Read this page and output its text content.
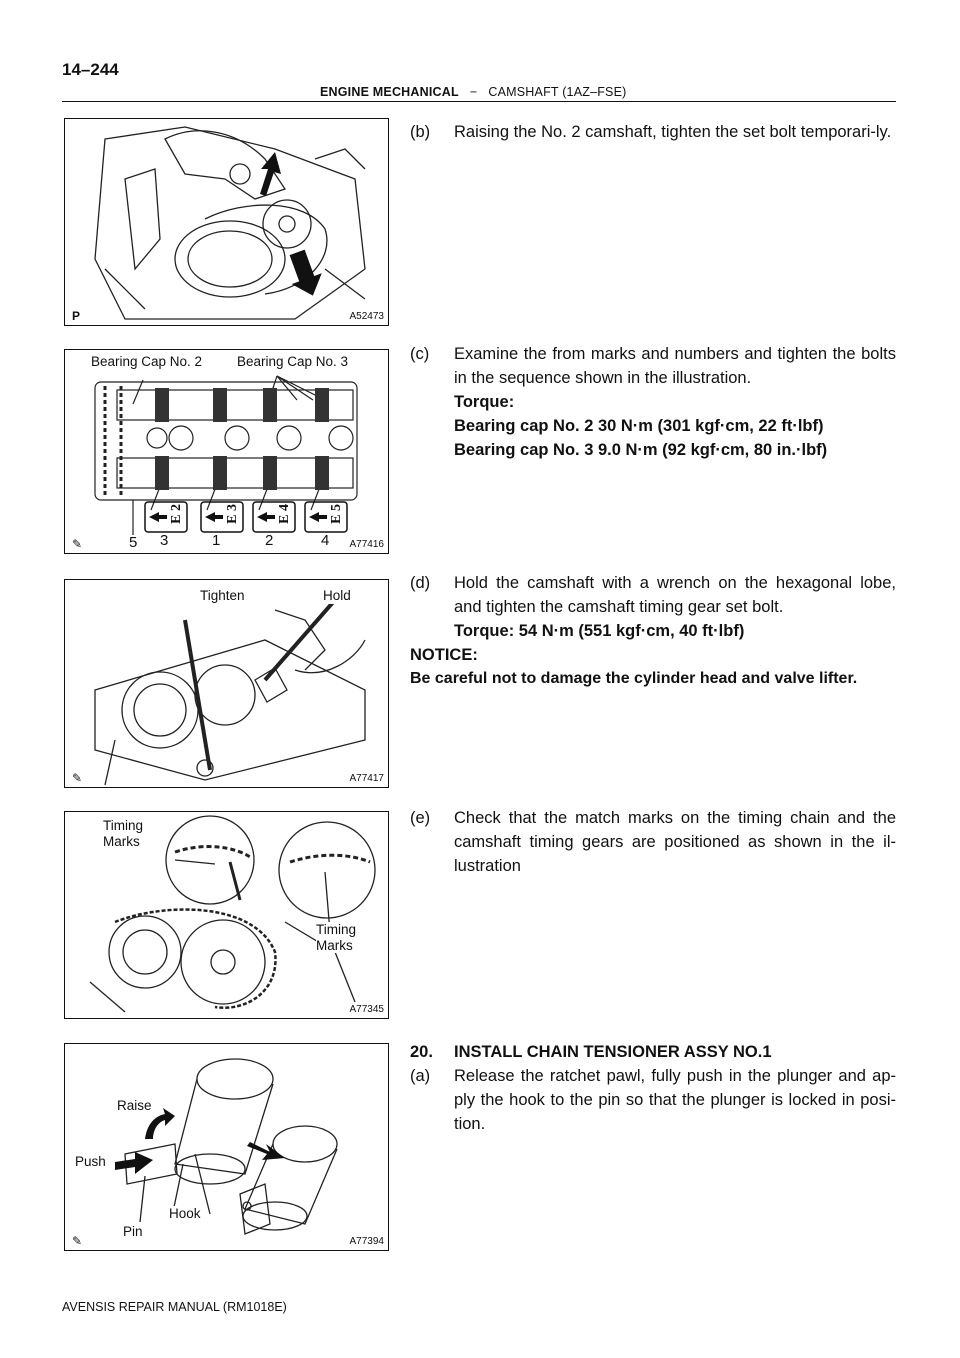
14–244
ENGINE MECHANICAL − CAMSHAFT (1AZ–FSE)
P	A52473
Bearing Cap No. 2	Bearing Cap No. 3
E 2	E 3	E 4	E 5
5 3	1	2	4
✎	A77416
Tighten	Hold
✎	A77417
Timing
Marks
Timing
Marks
A77345
Raise
Push
Hook
Pin
✎	A77394
(b) Raising the No. 2 camshaft, tighten the set bolt temporari-ly.
(c) Examine the from marks and numbers and tighten the bolts in the sequence shown in the illustration.
Torque:
Bearing cap No. 2 30 N·m (301 kgf·cm, 22 ft·lbf)
Bearing cap No. 3 9.0 N·m (92 kgf·cm, 80 in.·lbf)
(d) Hold the camshaft with a wrench on the hexagonal lobe, and tighten the camshaft timing gear set bolt.
Torque: 54 N·m (551 kgf·cm, 40 ft·lbf)
NOTICE:
Be careful not to damage the cylinder head and valve lifter.
(e) Check that the match marks on the timing chain and the camshaft timing gears are positioned as shown in the il-lustration
20. INSTALL CHAIN TENSIONER ASSY NO.1
(a) Release the ratchet pawl, fully push in the plunger and ap-ply the hook to the pin so that the plunger is locked in posi-tion.
AVENSIS REPAIR MANUAL (RM1018E)
